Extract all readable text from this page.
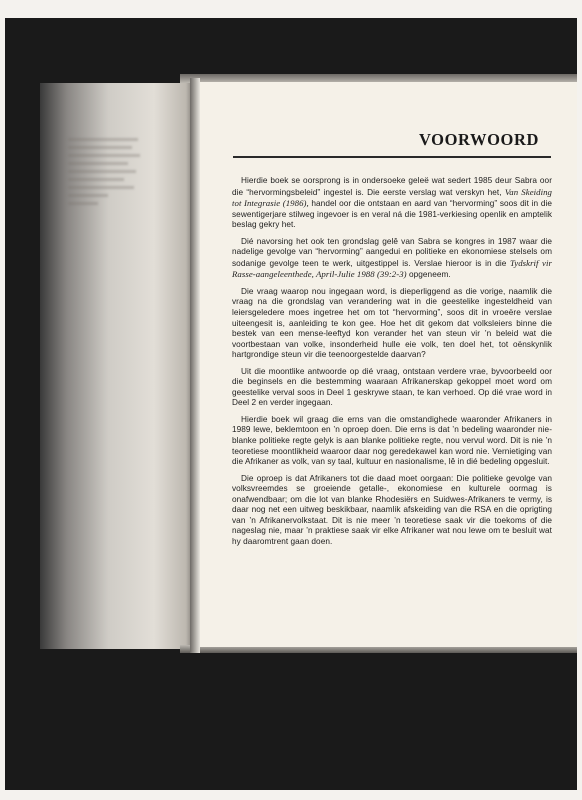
VOORWOORD

Hierdie boek se oorsprong is in ondersoeke geleë wat sedert 1985 deur Sabra oor die “hervormingsbeleid” ingestel is. Die eerste verslag wat verskyn het, Van Skeiding tot Integrasie (1986), handel oor die ontstaan en aard van “hervorming” soos dit in die sewentigerjare stilweg ingevoer is en veral ná die 1981-verkiesing openlik en amptelik beslag gekry het.

Dié navorsing het ook ten grondslag gelê van Sabra se kongres in 1987 waar die nadelige gevolge van “hervorming” aangedui en politieke en ekonomiese stelsels om sodanige gevolge teen te werk, uitgestippel is. Verslae hieroor is in die Tydskrif vir Rasse-aangeleenthede, April-Julie 1988 (39:2-3) opgeneem.

Die vraag waarop nou ingegaan word, is dieperliggend as die vorige, naamlik die vraag na die grondslag van verandering wat in die geestelike ingesteldheid van leiersgeledere moes ingetree het om tot “hervorming”, soos dit in vroeëre verslae uiteengesit is, aanleiding te kon gee. Hoe het dit gekom dat volksleiers binne die bestek van een mense-leeftyd kon verander het van steun vir ’n beleid wat die voortbestaan van volke, insonderheid hulle eie volk, ten doel het, tot oënskynlik hartgrondige steun vir die teenoorgestelde daarvan?

Uit die moontlike antwoorde op dié vraag, ontstaan verdere vrae, byvoorbeeld oor die beginsels en die bestemming waaraan Afrikanerskap gekoppel moet word om geestelike verval soos in Deel 1 geskrywe staan, te kan verhoed. Op dié vrae word in Deel 2 en verder ingegaan.

Hierdie boek wil graag die erns van die omstandighede waaronder Afrikaners in 1989 lewe, beklemtoon en ’n oproep doen. Die erns is dat ’n bedeling waaronder nie-blanke politieke regte gelyk is aan blanke politieke regte, nou vervul word. Dit is nie ’n teoretiese moontlikheid waaroor daar nog geredekawel kan word nie. Vernietiging van die Afrikaner as volk, van sy taal, kultuur en nasionalisme, lê in dié bedeling opgesluit.

Die oproep is dat Afrikaners tot die daad moet oorgaan: Die politieke gevolge van volksvreemdes se groeiende getalle-, ekonomiese en kulturele oormag is onafwendbaar; om die lot van blanke Rhodesiërs en Suidwes-Afrikaners te vermy, is daar nog net een uitweg beskikbaar, naamlik afskeiding van die RSA en die oprigting van ’n Afrikanervolkstaat. Dit is nie meer ’n teoretiese saak vir die toekoms of die nageslag nie, maar ’n praktiese saak vir elke Afrikaner wat nou lewe om te besluit wat hy daaromtrent gaan doen.
